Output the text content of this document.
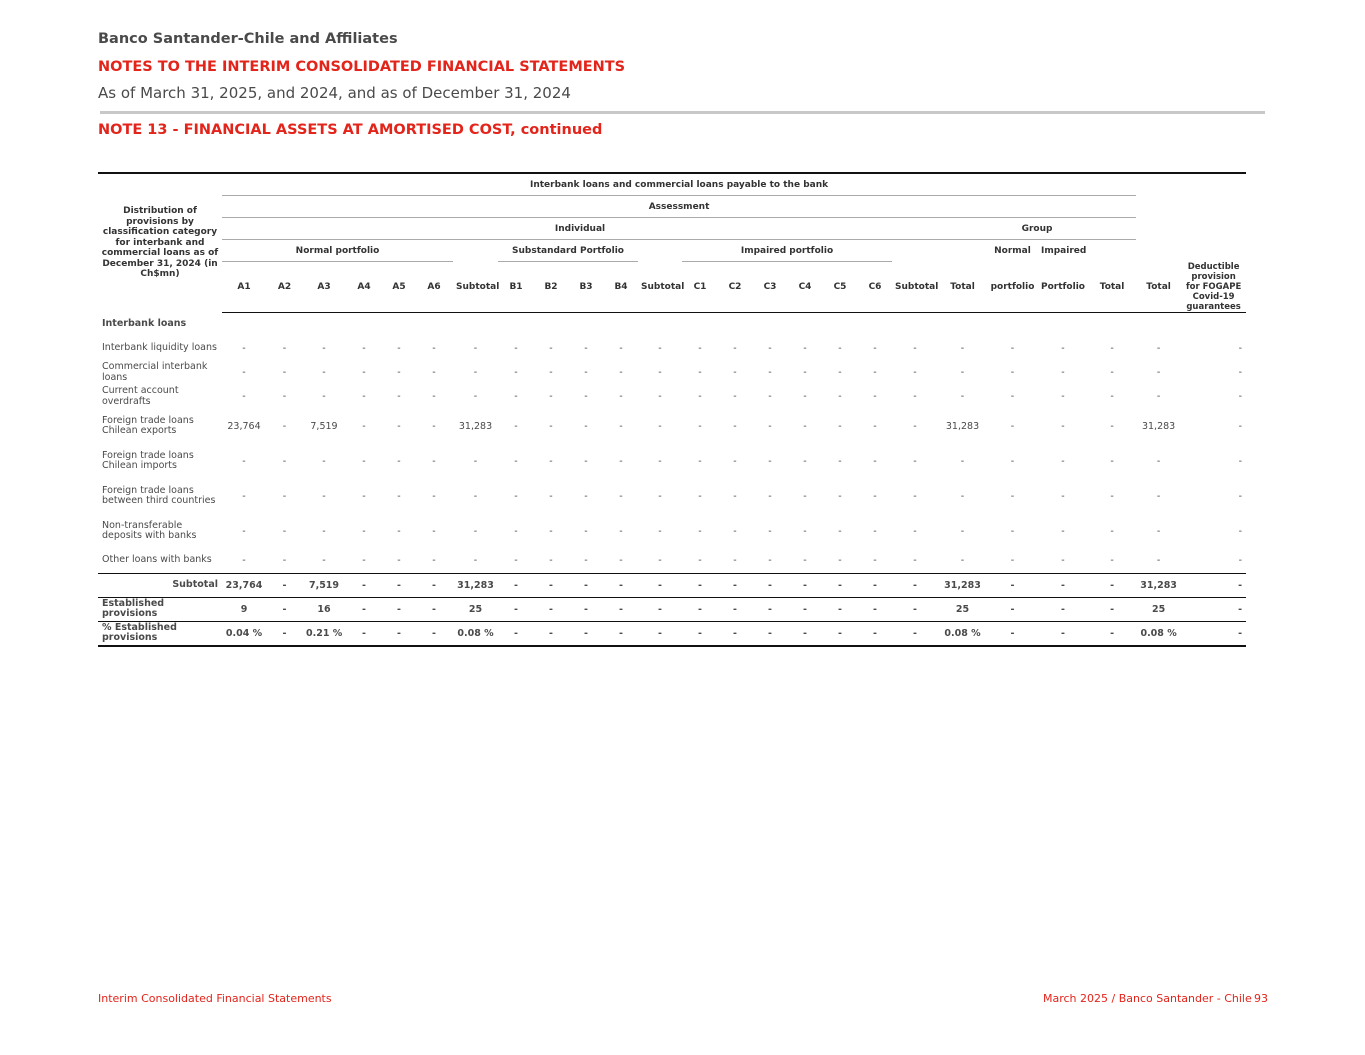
Banco Santander-Chile and Affiliates
NOTES TO THE INTERIM CONSOLIDATED FINANCIAL STATEMENTS
As of March 31, 2025, and 2024, and as of December 31, 2024
NOTE 13 - FINANCIAL ASSETS AT AMORTISED COST, continued
Distribution of provisions by classification category for interbank and commercial loans as of December 31, 2024 (in Ch$mn)	Interbank loans and commercial loans payable to the bank																								
	Assessment																								
	Individual																			Group					
	Normal portfolio							Substandard Portfolio					Impaired portfolio								Normal	Impaired			
	A1	A2	A3	A4	A5	A6	Subtotal	B1	B2	B3	B4	Subtotal	C1	C2	C3	C4	C5	C6	Subtotal	Total	portfolio	Portfolio	Total	Total	Deductible provision for FOGAPE Covid-19 guarantees
Interbank loans																									
Interbank liquidity loans	-	-	-	-	-	-	-	-	-	-	-	-	-	-	-	-	-	-	-	-	-	-	-	-	-
Commercial interbank loans	-	-	-	-	-	-	-	-	-	-	-	-	-	-	-	-	-	-	-	-	-	-	-	-	-
Current account overdrafts	-	-	-	-	-	-	-	-	-	-	-	-	-	-	-	-	-	-	-	-	-	-	-	-	-
Foreign trade loans Chilean exports	23,764	-	7,519	-	-	-	31,283	-	-	-	-	-	-	-	-	-	-	-	-	31,283	-	-	-	31,283	-
Foreign trade loans Chilean imports	-	-	-	-	-	-	-	-	-	-	-	-	-	-	-	-	-	-	-	-	-	-	-	-	-
Foreign trade loans between third countries	-	-	-	-	-	-	-	-	-	-	-	-	-	-	-	-	-	-	-	-	-	-	-	-	-
Non-transferable deposits with banks	-	-	-	-	-	-	-	-	-	-	-	-	-	-	-	-	-	-	-	-	-	-	-	-	-
Other loans with banks	-	-	-	-	-	-	-	-	-	-	-	-	-	-	-	-	-	-	-	-	-	-	-	-	-
Subtotal	23,764	-	7,519	-	-	-	31,283	-	-	-	-	-	-	-	-	-	-	-	-	31,283	-	-	-	31,283	-
Established provisions	9	-	16	-	-	-	25	-	-	-	-	-	-	-	-	-	-	-	-	25	-	-	-	25	-
% Established provisions	0.04 %	-	0.21 %	-	-	-	0.08 %	-	-	-	-	-	-	-	-	-	-	-	-	0.08 %	-	-	-	0.08 %	-
Interim Consolidated Financial Statements	March 2025 / Banco Santander - Chile 93
